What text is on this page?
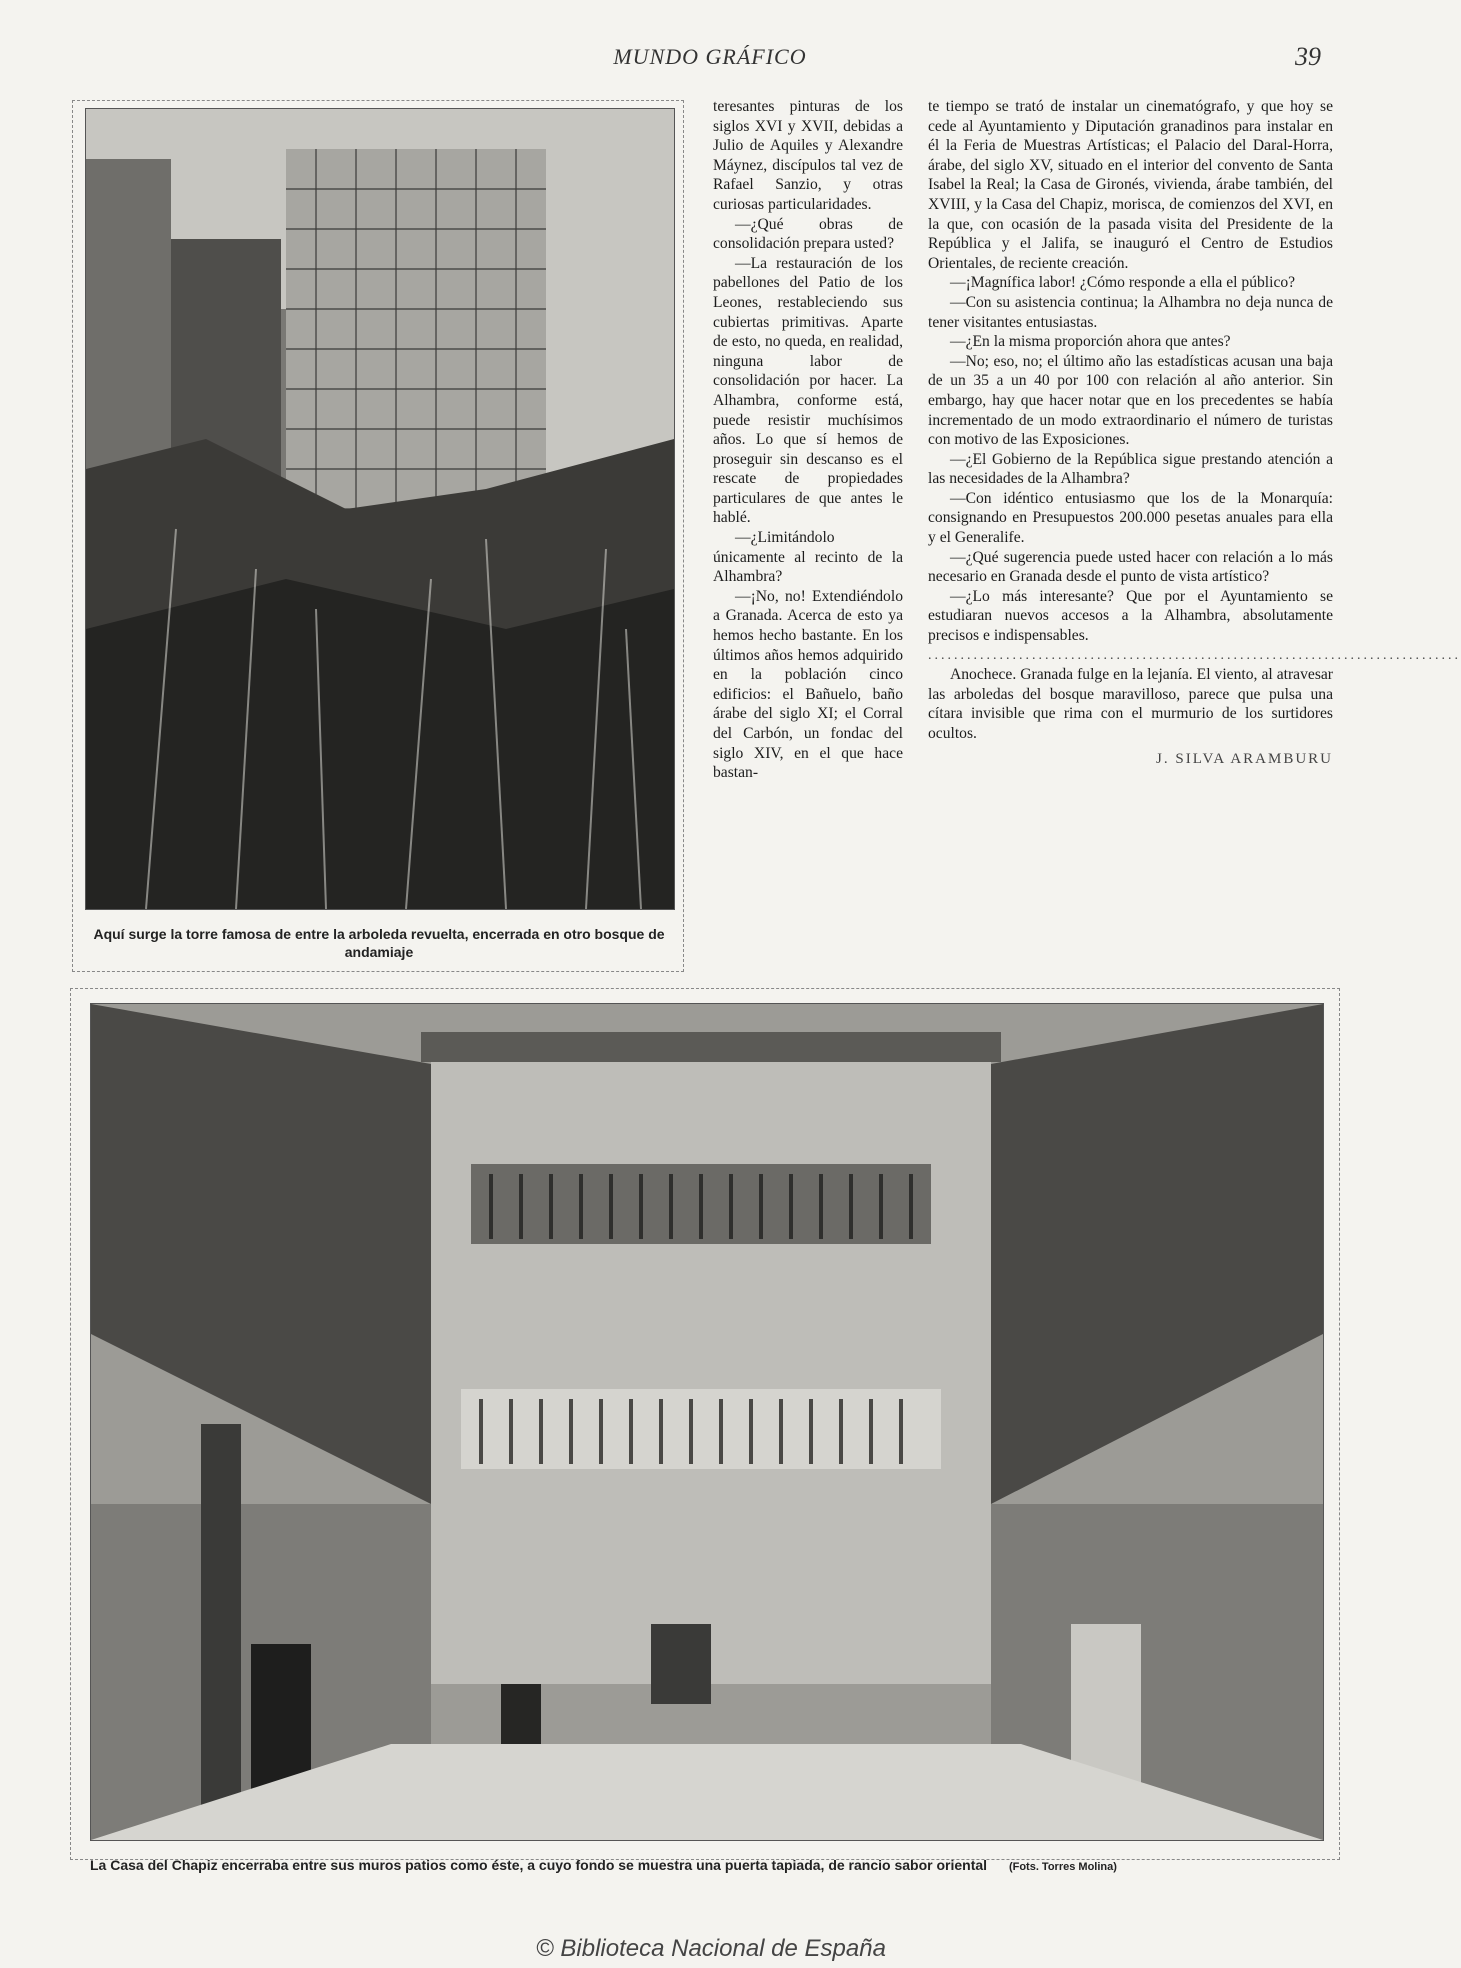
MUNDO GRÁFICO	39
Aquí surge la torre famosa de entre la arboleda revuelta, encerrada en otro bosque de andamiaje

teresantes pinturas de los siglos XVI y XVII, debidas a Julio de Aquiles y Alexandre Máynez, discípulos tal vez de Rafael Sanzio, y otras curiosas particularidades.

—¿Qué obras de consolidación prepara usted?

—La restauración de los pabellones del Patio de los Leones, restableciendo sus cubiertas primitivas. Aparte de esto, no queda, en realidad, ninguna labor de consolidación por hacer. La Alhambra, conforme está, puede resistir muchísimos años. Lo que sí hemos de proseguir sin descanso es el rescate de propiedades particulares de que antes le hablé.

—¿Limitándolo únicamente al recinto de la Alhambra?

—¡No, no! Extendiéndolo a Granada. Acerca de esto ya hemos hecho bastante. En los últimos años hemos adquirido en la población cinco edificios: el Bañuelo, baño árabe del siglo XI; el Corral del Carbón, un fondac del siglo XIV, en el que hace bastan-

te tiempo se trató de instalar un cinematógrafo, y que hoy se cede al Ayuntamiento y Diputación granadinos para instalar en él la Feria de Muestras Artísticas; el Palacio del Daral-Horra, árabe, del siglo XV, situado en el interior del convento de Santa Isabel la Real; la Casa de Gironés, vivienda, árabe también, del XVIII, y la Casa del Chapiz, morisca, de comienzos del XVI, en la que, con ocasión de la pasada visita del Presidente de la República y el Jalifa, se inauguró el Centro de Estudios Orientales, de reciente creación.

—¡Magnífica labor! ¿Cómo responde a ella el público?

—Con su asistencia continua; la Alhambra no deja nunca de tener visitantes entusiastas.

—¿En la misma proporción ahora que antes?

—No; eso, no; el último año las estadísticas acusan una baja de un 35 a un 40 por 100 con relación al año anterior. Sin embargo, hay que hacer notar que en los precedentes se había incrementado de un modo extraordinario el número de turistas con motivo de las Exposiciones.

—¿El Gobierno de la República sigue prestando atención a las necesidades de la Alhambra?

—Con idéntico entusiasmo que los de la Monarquía: consignando en Presupuestos 200.000 pesetas anuales para ella y el Generalife.

—¿Qué sugerencia puede usted hacer con relación a lo más necesario en Granada desde el punto de vista artístico?

—¿Lo más interesante? Que por el Ayuntamiento se estudiaran nuevos accesos a la Alhambra, absolutamente precisos e indispensables.

..................................................................................

Anochece. Granada fulge en la lejanía. El viento, al atravesar las arboledas del bosque maravilloso, parece que pulsa una cítara invisible que rima con el murmurio de los surtidores ocultos.

J. SILVA ARAMBURU
La Casa del Chapiz encerraba entre sus muros patios como éste, a cuyo fondo se muestra una puerta tapiada, de rancio sabor oriental (Fots. Torres Molina)
© Biblioteca Nacional de España
